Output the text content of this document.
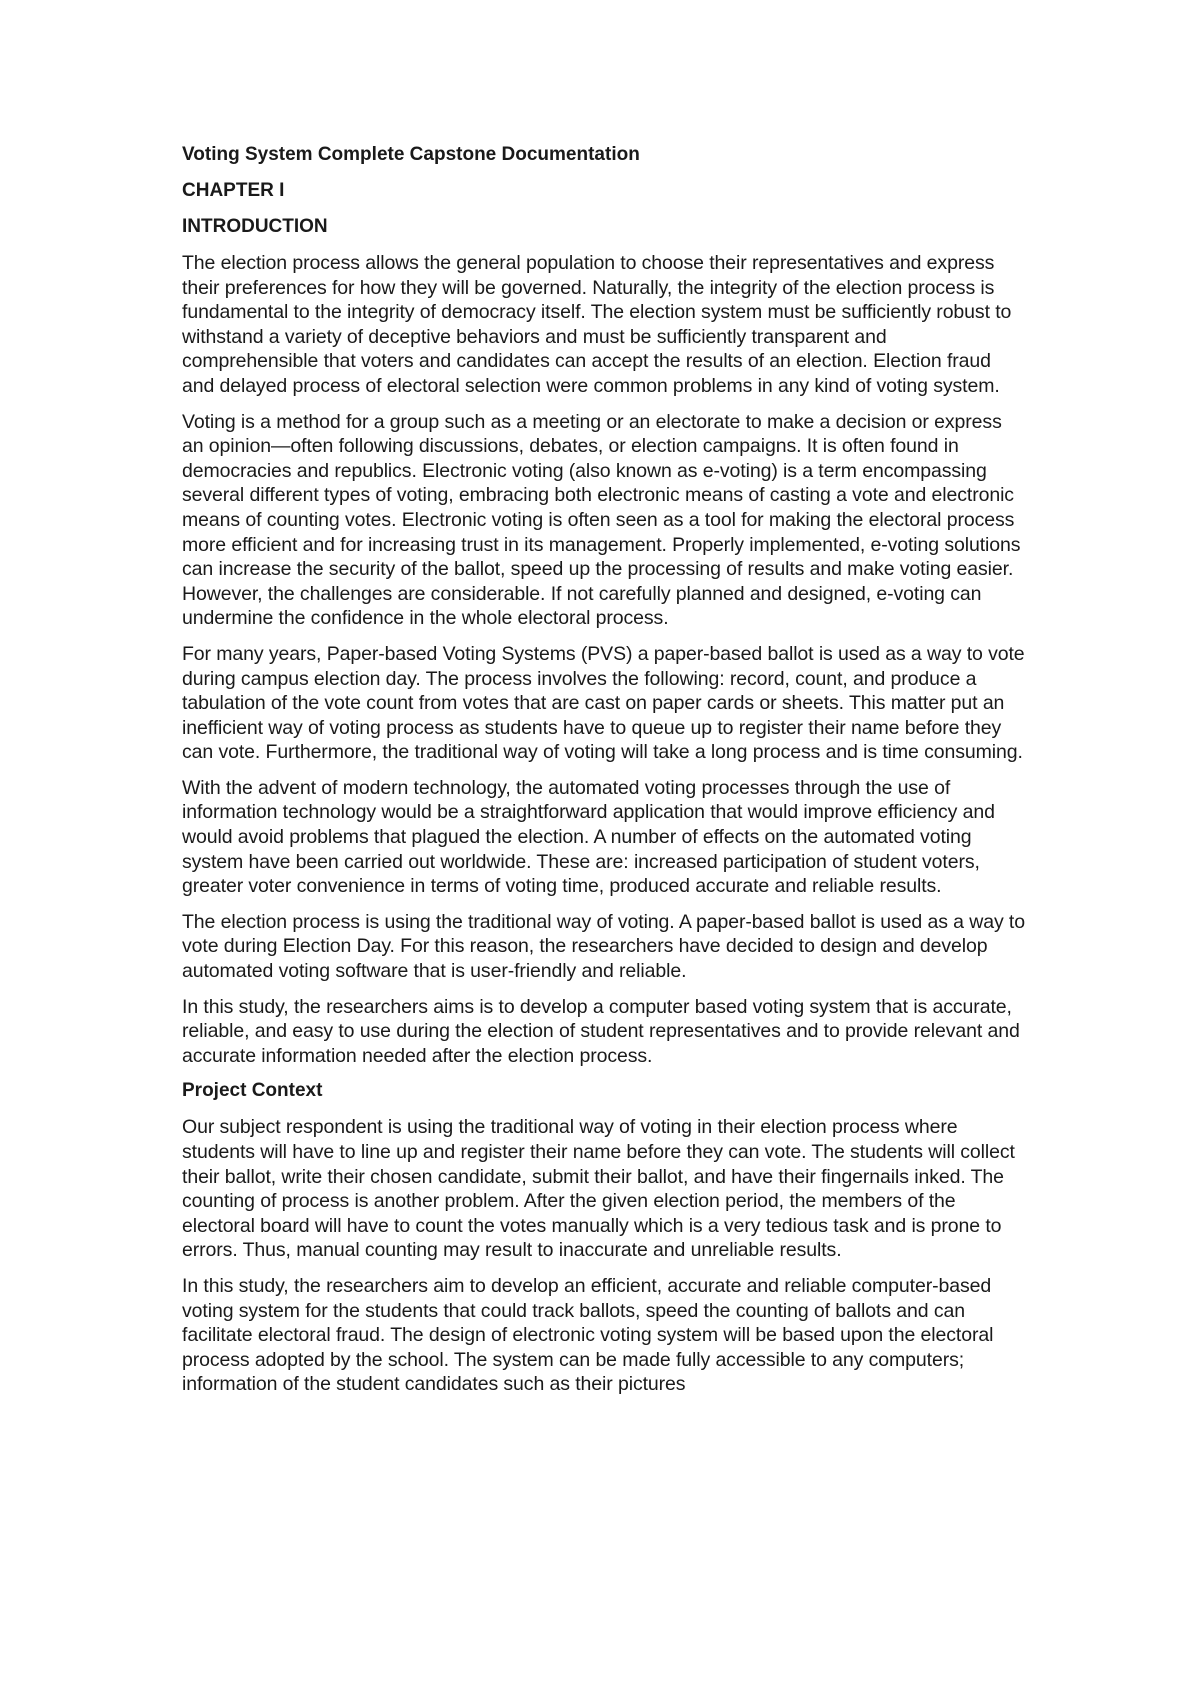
Voting System Complete Capstone Documentation
CHAPTER I
INTRODUCTION

The election process allows the general population to choose their representatives and express their preferences for how they will be governed. Naturally, the integrity of the election process is fundamental to the integrity of democracy itself. The election system must be sufficiently robust to withstand a variety of deceptive behaviors and must be sufficiently transparent and comprehensible that voters and candidates can accept the results of an election. Election fraud and delayed process of electoral selection were common problems in any kind of voting system.

Voting is a method for a group such as a meeting or an electorate to make a decision or express an opinion—often following discussions, debates, or election campaigns. It is often found in democracies and republics. Electronic voting (also known as e-voting) is a term encompassing several different types of voting, embracing both electronic means of casting a vote and electronic means of counting votes. Electronic voting is often seen as a tool for making the electoral process more efficient and for increasing trust in its management. Properly implemented, e-voting solutions can increase the security of the ballot, speed up the processing of results and make voting easier. However, the challenges are considerable. If not carefully planned and designed, e-voting can undermine the confidence in the whole electoral process.

For many years, Paper-based Voting Systems (PVS) a paper-based ballot is used as a way to vote during campus election day. The process involves the following: record, count, and produce a tabulation of the vote count from votes that are cast on paper cards or sheets. This matter put an inefficient way of voting process as students have to queue up to register their name before they can vote. Furthermore, the traditional way of voting will take a long process and is time consuming.

With the advent of modern technology, the automated voting processes through the use of information technology would be a straightforward application that would improve efficiency and would avoid problems that plagued the election. A number of effects on the automated voting system have been carried out worldwide. These are: increased participation of student voters, greater voter convenience in terms of voting time, produced accurate and reliable results.

The election process is using the traditional way of voting. A paper-based ballot is used as a way to vote during Election Day. For this reason, the researchers have decided to design and develop automated voting software that is user-friendly and reliable.

In this study, the researchers aims is to develop a computer based voting system that is accurate, reliable, and easy to use during the election of student representatives and to provide relevant and accurate information needed after the election process.

Project Context

Our subject respondent is using the traditional way of voting in their election process where students will have to line up and register their name before they can vote. The students will collect their ballot, write their chosen candidate, submit their ballot, and have their fingernails inked. The counting of process is another problem. After the given election period, the members of the electoral board will have to count the votes manually which is a very tedious task and is prone to errors. Thus, manual counting may result to inaccurate and unreliable results.

In this study, the researchers aim to develop an efficient, accurate and reliable computer-based voting system for the students that could track ballots, speed the counting of ballots and can facilitate electoral fraud. The design of electronic voting system will be based upon the electoral process adopted by the school. The system can be made fully accessible to any computers; information of the student candidates such as their pictures
